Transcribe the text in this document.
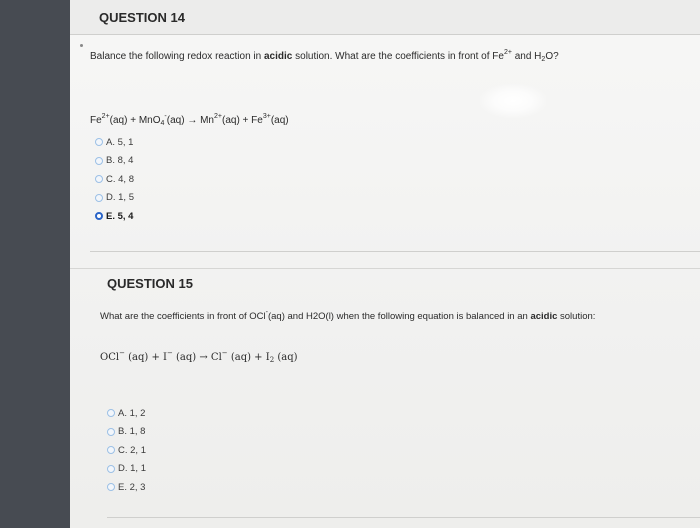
QUESTION 14
Balance the following redox reaction in acidic solution. What are the coefficients in front of $Fe^{2+}$ and $H_2O$?
$Fe^{2+}(aq) + MnO_4^-(aq) \to Mn^{2+}(aq) + Fe^{3+}(aq)$
A. 5, 1
B. 8, 4
C. 4, 8
D. 1, 5
E. 5, 4
QUESTION 15
What are the coefficients in front of OCl-(aq) and H2O(l) when the following equation is balanced in an acidic solution:
OCl− (aq) + I− (aq) → Cl− $(aq) + I_2$ (aq)
A. 1, 2
B. 1, 8
C. 2, 1
D. 1, 1
E. 2, 3
